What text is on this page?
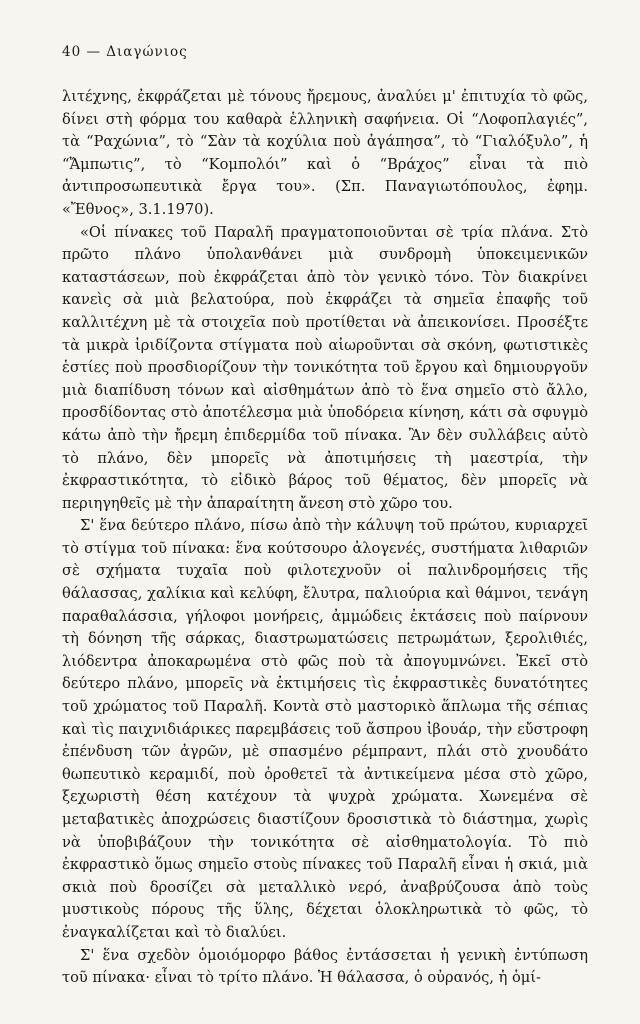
40 — Διαγώνιος

λιτέχνης, ἐκφράζεται μὲ τόνους ἤρεμους, ἀναλύει μ' ἐπιτυχία τὸ φῶς, δίνει στὴ φόρμα του καθαρὰ ἑλληνικὴ σαφήνεια. Οἱ “Λοφοπλαγιές”, τὰ “Ραχώνια”, τὸ “Σὰν τὰ κοχύλια ποὺ ἀγάπησα”, τὸ “Γιαλόξυλο”, ἡ “Ἄμπωτις”, τὸ “Κομπολόι” καὶ ὁ “Βράχος” εἶναι τὰ πιὸ ἀντιπροσωπευτικὰ ἔργα του». (Σπ. Παναγιωτόπουλος, ἐφημ. «Ἔθνος», 3.1.1970).

«Οἱ πίνακες τοῦ Παραλῆ πραγματοποιοῦνται σὲ τρία πλάνα. Στὸ πρῶτο πλάνο ὑπολανθάνει μιὰ συνδρομὴ ὑποκειμενικῶν καταστάσεων, ποὺ ἐκφράζεται ἀπὸ τὸν γενικὸ τόνο. Τὸν διακρίνει κανεὶς σὰ μιὰ βελατούρα, ποὺ ἐκφράζει τὰ σημεῖα ἐπαφῆς τοῦ καλλιτέχνη μὲ τὰ στοιχεῖα ποὺ προτίθεται νὰ ἀπεικονίσει. Προσέξτε τὰ μικρὰ ἰριδίζοντα στίγματα ποὺ αἰωροῦνται σὰ σκόνη, φωτιστικὲς ἑστίες ποὺ προσδιορίζουν τὴν τονικότητα τοῦ ἔργου καὶ δημιουργοῦν μιὰ διαπίδυση τόνων καὶ αἰσθημάτων ἀπὸ τὸ ἕνα σημεῖο στὸ ἄλλο, προσδίδοντας στὸ ἀποτέλεσμα μιὰ ὑποδόρεια κίνηση, κάτι σὰ σφυγμὸ κάτω ἀπὸ τὴν ἤρεμη ἐπιδερμίδα τοῦ πίνακα. Ἂν δὲν συλλάβεις αὐτὸ τὸ πλάνο, δὲν μπορεῖς νὰ ἀποτιμήσεις τὴ μαεστρία, τὴν ἐκφραστικότητα, τὸ εἰδικὸ βάρος τοῦ θέματος, δὲν μπορεῖς νὰ περιηγηθεῖς μὲ τὴν ἀπαραίτητη ἄνεση στὸ χῶρο του.

Σ' ἕνα δεύτερο πλάνο, πίσω ἀπὸ τὴν κάλυψη τοῦ πρώτου, κυριαρχεῖ τὸ στίγμα τοῦ πίνακα: ἕνα κούτσουρο ἀλογενές, συστήματα λιθαριῶν σὲ σχήματα τυχαῖα ποὺ φιλοτεχνοῦν οἱ παλινδρομήσεις τῆς θάλασσας, χαλίκια καὶ κελύφη, ἔλυτρα, παλιούρια καὶ θάμνοι, τενάγη παραθαλάσσια, γήλοφοι μονήρεις, ἀμμώδεις ἐκτάσεις ποὺ παίρνουν τὴ δόνηση τῆς σάρκας, διαστρωματώσεις πετρωμάτων, ξερολιθιές, λιόδεντρα ἀποκαρωμένα στὸ φῶς ποὺ τὰ ἀπογυμνώνει. Ἐκεῖ στὸ δεύτερο πλάνο, μπορεῖς νὰ ἐκτιμήσεις τὶς ἐκφραστικὲς δυνατότητες τοῦ χρώματος τοῦ Παραλῆ. Κοντὰ στὸ μαστορικὸ ἅπλωμα τῆς σέπιας καὶ τὶς παιχνιδιάρικες παρεμβάσεις τοῦ ἄσπρου ἰβουάρ, τὴν εὔστροφη ἐπένδυση τῶν ἀγρῶν, μὲ σπασμένο ρέμπραντ, πλάι στὸ χνουδάτο θωπευτικὸ κεραμιδί, ποὺ ὁροθετεῖ τὰ ἀντικείμενα μέσα στὸ χῶρο, ξεχωριστὴ θέση κατέχουν τὰ ψυχρὰ χρώματα. Χωνεμένα σὲ μεταβατικὲς ἀποχρώσεις διαστίζουν δροσιστικὰ τὸ διάστημα, χωρὶς νὰ ὑποβιβάζουν τὴν τονικότητα σὲ αἰσθηματολογία. Τὸ πιὸ ἐκφραστικὸ ὅμως σημεῖο στοὺς πίνακες τοῦ Παραλῆ εἶναι ἡ σκιά, μιὰ σκιὰ ποὺ δροσίζει σὰ μεταλλικὸ νερό, ἀναβρύζουσα ἀπὸ τοὺς μυστικοὺς πόρους τῆς ὕλης, δέχεται ὁλοκληρωτικὰ τὸ φῶς, τὸ ἐναγκαλίζεται καὶ τὸ διαλύει.

Σ' ἕνα σχεδὸν ὁμοιόμορφο βάθος ἐντάσσεται ἡ γενικὴ ἐντύπωση τοῦ πίνακα· εἶναι τὸ τρίτο πλάνο. Ἡ θάλασσα, ὁ οὐρανός, ἡ ὁμί-
